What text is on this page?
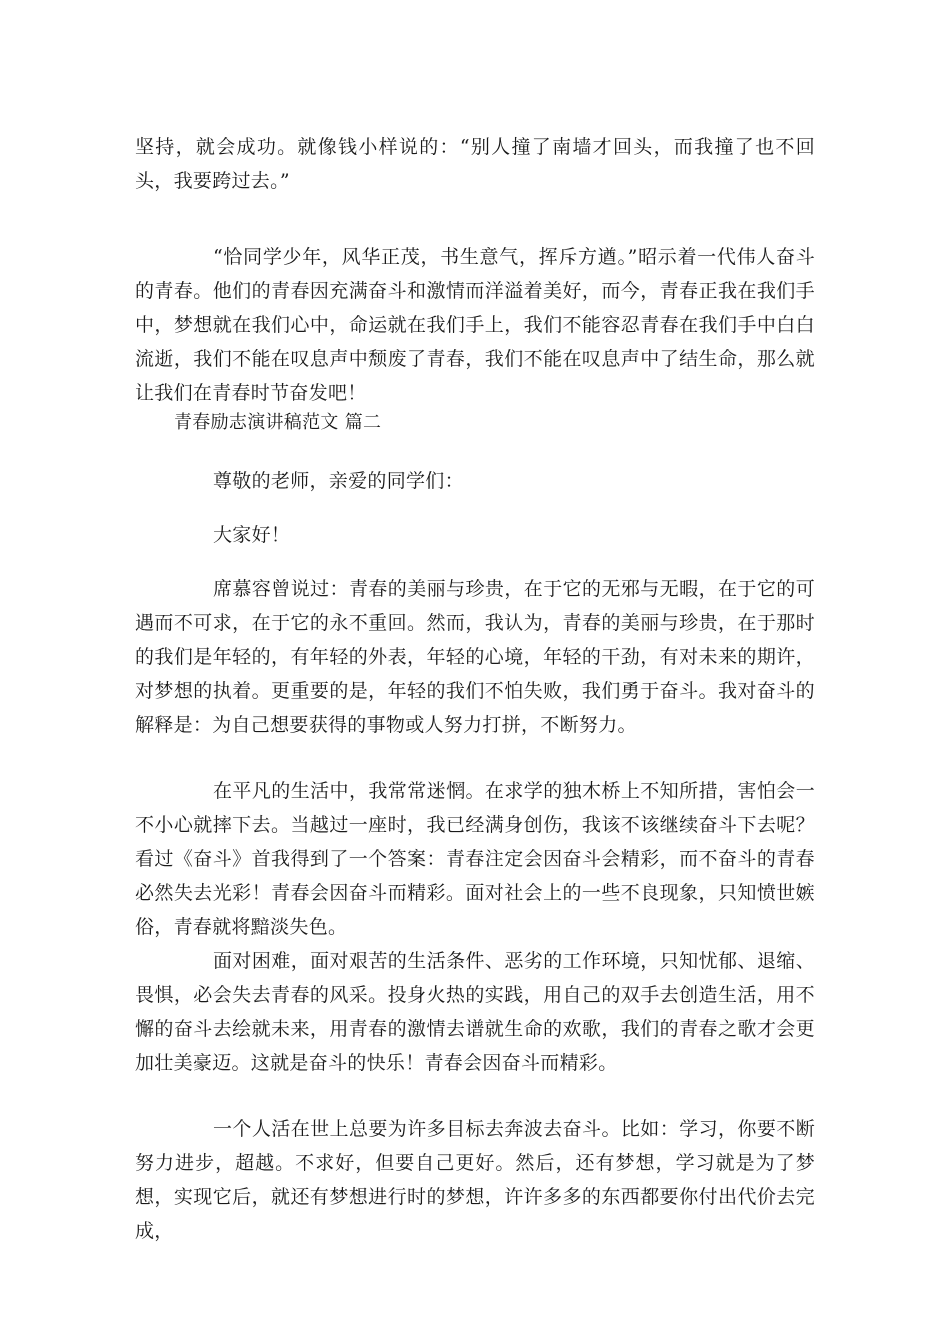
坚持，就会成功。就像钱小样说的：“别人撞了南墙才回头，而我撞了也不回头，我要跨过去。”

“恰同学少年，风华正茂，书生意气，挥斥方遒。”昭示着一代伟人奋斗的青春。他们的青春因充满奋斗和激情而洋溢着美好，而今，青春正我在我们手中，梦想就在我们心中，命运就在我们手上，我们不能容忍青春在我们手中白白流逝，我们不能在叹息声中颓废了青春，我们不能在叹息声中了结生命，那么就让我们在青春时节奋发吧！

青春励志演讲稿范文 篇二

尊敬的老师，亲爱的同学们：

大家好！

席慕容曾说过：青春的美丽与珍贵，在于它的无邪与无暇，在于它的可遇而不可求，在于它的永不重回。然而，我认为，青春的美丽与珍贵，在于那时的我们是年轻的，有年轻的外表，年轻的心境，年轻的干劲，有对未来的期许，对梦想的执着。更重要的是，年轻的我们不怕失败，我们勇于奋斗。我对奋斗的解释是：为自己想要获得的事物或人努力打拼，不断努力。

在平凡的生活中，我常常迷惘。在求学的独木桥上不知所措，害怕会一不小心就摔下去。当越过一座时，我已经满身创伤，我该不该继续奋斗下去呢？看过《奋斗》首我得到了一个答案：青春注定会因奋斗会精彩，而不奋斗的青春必然失去光彩！青春会因奋斗而精彩。面对社会上的一些不良现象，只知愤世嫉俗，青春就将黯淡失色。

面对困难，面对艰苦的生活条件、恶劣的工作环境，只知忧郁、退缩、畏惧，必会失去青春的风采。投身火热的实践，用自己的双手去创造生活，用不懈的奋斗去绘就未来，用青春的激情去谱就生命的欢歌，我们的青春之歌才会更加壮美豪迈。这就是奋斗的快乐！青春会因奋斗而精彩。

一个人活在世上总要为许多目标去奔波去奋斗。比如：学习，你要不断努力进步，超越。不求好，但要自己更好。然后，还有梦想，学习就是为了梦想，实现它后，就还有梦想进行时的梦想，许许多多的东西都要你付出代价去完成，
